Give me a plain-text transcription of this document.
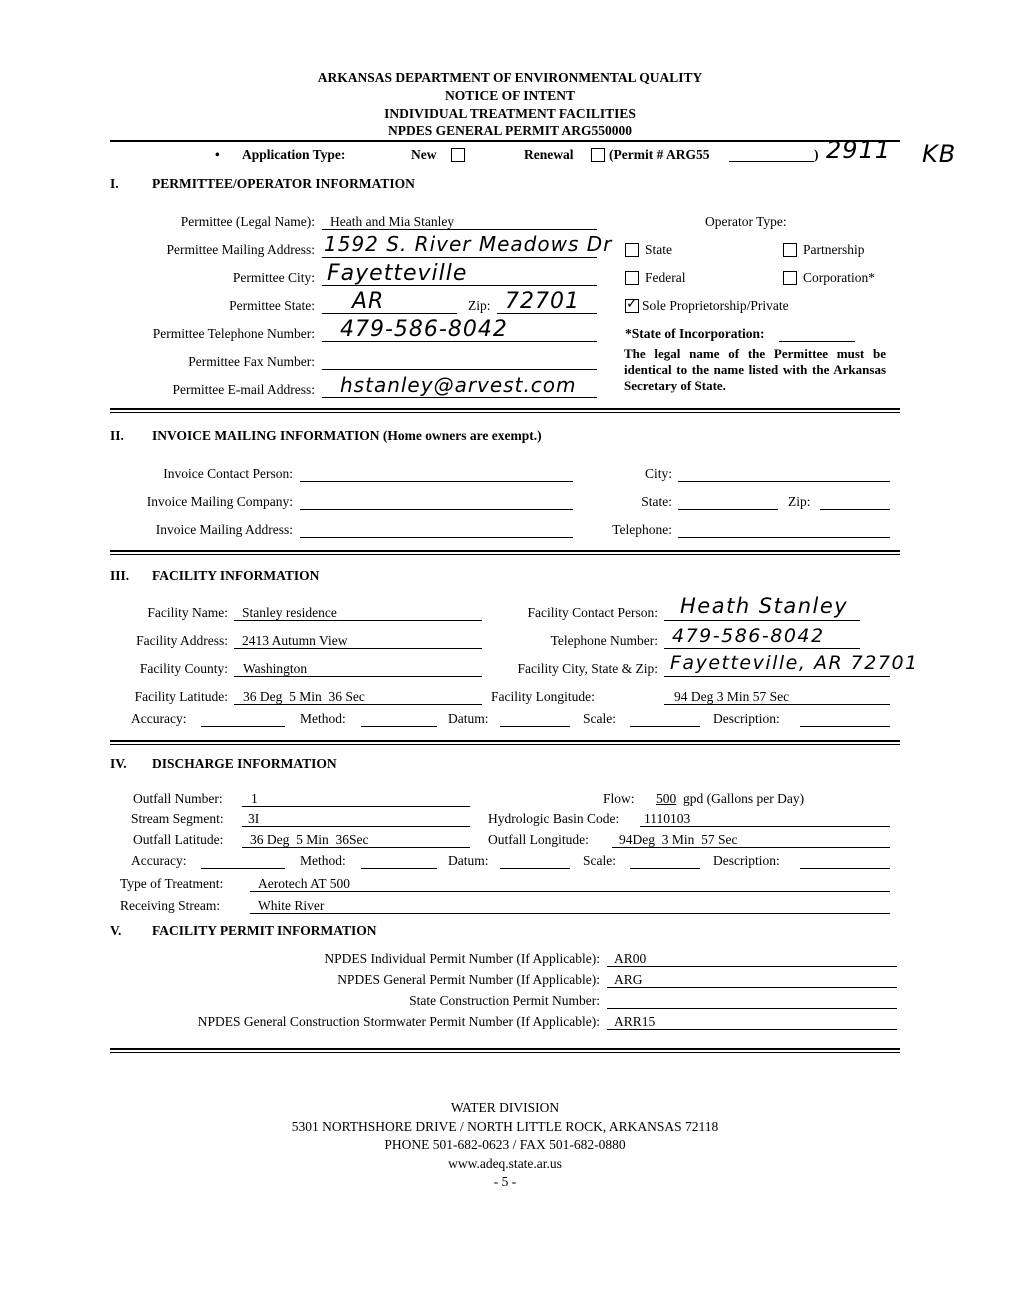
ARKANSAS DEPARTMENT OF ENVIRONMENTAL QUALITY
NOTICE OF INTENT
INDIVIDUAL TREATMENT FACILITIES
NPDES GENERAL PERMIT ARG550000
• Application Type:	New	Renewal	(Permit # ARG55	) 2911 KB
I. PERMITTEE/OPERATOR INFORMATION
Permittee (Legal Name): Heath and Mia Stanley
Permittee Mailing Address: 1592 S. River Meadows Dr
Permittee City: Fayetteville
Permittee State: AR	Zip: 72701
Permittee Telephone Number: 479-586-8042
Permittee Fax Number:
Permittee E-mail Address: hstanley@arvest.com
Operator Type:
State	Partnership
Federal	Corporation*
✓ Sole Proprietorship/Private
*State of Incorporation:
The legal name of the Permittee must be identical to the name listed with the Arkansas Secretary of State.
II. INVOICE MAILING INFORMATION (Home owners are exempt.)
Invoice Contact Person:
Invoice Mailing Company:
Invoice Mailing Address:
City:
State:	Zip:
Telephone:
III. FACILITY INFORMATION
Facility Name: Stanley residence
Facility Address: 2413 Autumn View
Facility County: Washington
Facility Latitude: 36 Deg  5 Min  36 Sec
Facility Contact Person: Heath Stanley
Telephone Number: 479-586-8042
Facility City, State & Zip: Fayetteville, AR 72701
Facility Longitude:	94 Deg 3 Min 57 Sec
Accuracy:	Method:	Datum:	Scale:	Description:
IV. DISCHARGE INFORMATION
Outfall Number: 1
Stream Segment: 3I
Outfall Latitude: 36 Deg  5 Min  36Sec
Flow: 500 gpd (Gallons per Day)
Hydrologic Basin Code: 1110103
Outfall Longitude: 94Deg  3 Min  57 Sec
Accuracy:	Method:	Datum:	Scale:	Description:
Type of Treatment:	Aerotech AT 500
Receiving Stream:	White River
V. FACILITY PERMIT INFORMATION
NPDES Individual Permit Number (If Applicable): AR00
NPDES General Permit Number (If Applicable): ARG
State Construction Permit Number:
NPDES General Construction Stormwater Permit Number (If Applicable): ARR15
WATER DIVISION
5301 NORTHSHORE DRIVE / NORTH LITTLE ROCK, ARKANSAS 72118
PHONE 501-682-0623 / FAX 501-682-0880
www.adeq.state.ar.us
- 5 -
